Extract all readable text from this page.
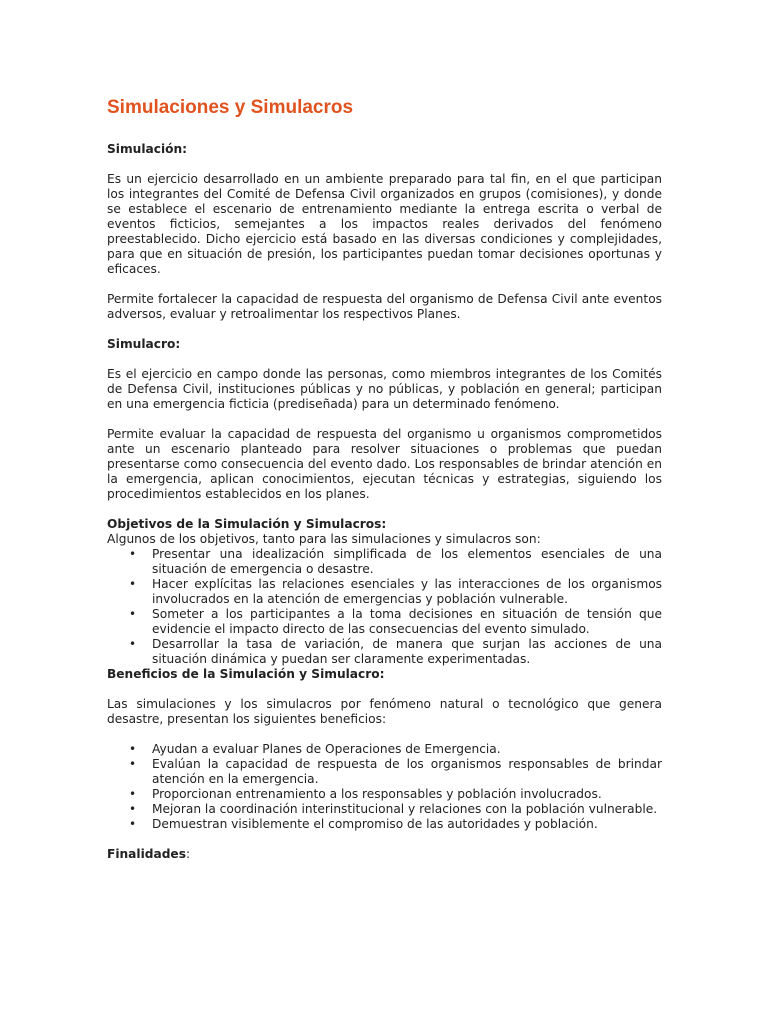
Simulaciones y Simulacros

Simulación:

Es un ejercicio desarrollado en un ambiente preparado para tal fin, en el que participan los integrantes del Comité de Defensa Civil organizados en grupos (comisiones), y donde se establece el escenario de entrenamiento mediante la entrega escrita o verbal de eventos ficticios, semejantes a los impactos reales derivados del fenómeno preestablecido. Dicho ejercicio está basado en las diversas condiciones y complejidades, para que en situación de presión, los participantes puedan tomar decisiones oportunas y eficaces.

Permite fortalecer la capacidad de respuesta del organismo de Defensa Civil ante eventos adversos, evaluar y retroalimentar los respectivos Planes.

Simulacro:

Es el ejercicio en campo donde las personas, como miembros integrantes de los Comités de Defensa Civil, instituciones públicas y no públicas, y población en general; participan en una emergencia ficticia (prediseñada) para un determinado fenómeno.

Permite evaluar la capacidad de respuesta del organismo u organismos comprometidos ante un escenario planteado para resolver situaciones o problemas que puedan presentarse como consecuencia del evento dado. Los responsables de brindar atención en la emergencia, aplican conocimientos, ejecutan técnicas y estrategias, siguiendo los procedimientos establecidos en los planes.

Objetivos de la Simulación y Simulacros:

Algunos de los objetivos, tanto para las simulaciones y simulacros son:

• Presentar una idealización simplificada de los elementos esenciales de una situación de emergencia o desastre.
• Hacer explícitas las relaciones esenciales y las interacciones de los organismos involucrados en la atención de emergencias y población vulnerable.
• Someter a los participantes a la toma decisiones en situación de tensión que evidencie el impacto directo de las consecuencias del evento simulado.
• Desarrollar la tasa de variación, de manera que surjan las acciones de una situación dinámica y puedan ser claramente experimentadas.

Beneficios de la Simulación y Simulacro:

Las simulaciones y los simulacros por fenómeno natural o tecnológico que genera desastre, presentan los siguientes beneficios:

• Ayudan a evaluar Planes de Operaciones de Emergencia.
• Evalúan la capacidad de respuesta de los organismos responsables de brindar atención en la emergencia.
• Proporcionan entrenamiento a los responsables y población involucrados.
• Mejoran la coordinación interinstitucional y relaciones con la población vulnerable.
• Demuestran visiblemente el compromiso de las autoridades y población.

Finalidades:
